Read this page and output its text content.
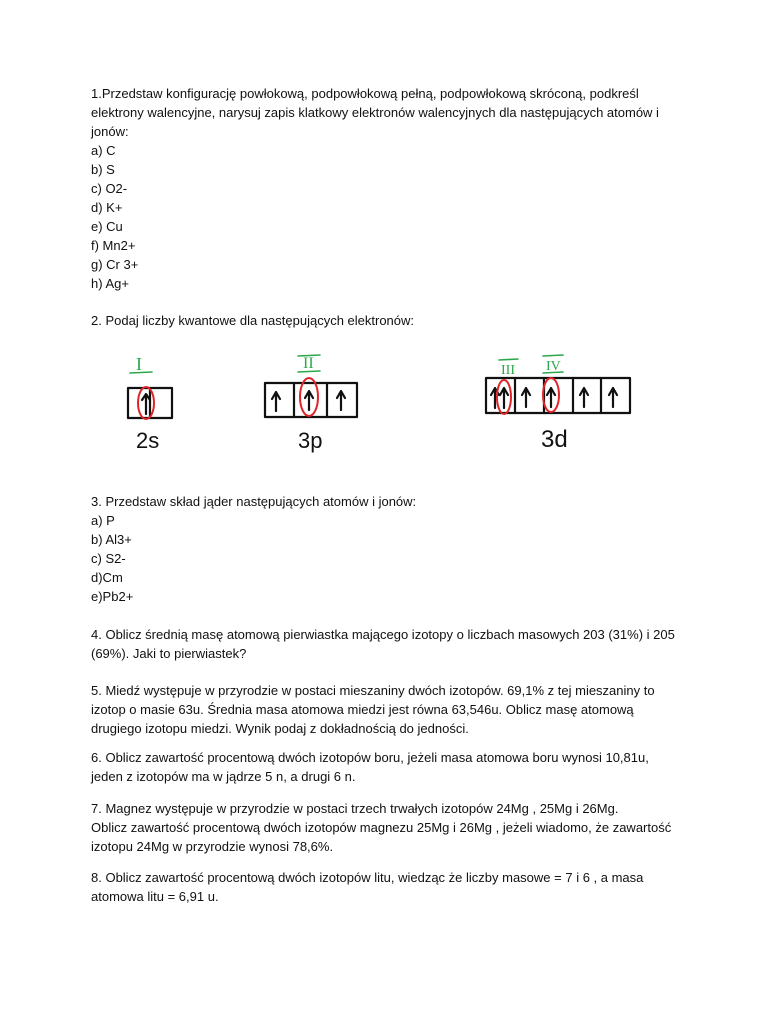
1.Przedstaw konfigurację powłokową, podpowłokową pełną, podpowłokową skróconą, podkreśl
elektrony walencyjne, narysuj zapis klatkowy elektronów walencyjnych dla następujących atomów i
jonów:
a) C
b) S
c) O2-
d) K+
e) Cu
f) Mn2+
g) Cr 3+
h) Ag+
2. Podaj liczby kwantowe dla następujących elektronów:
I
2s
II
3p
III IV
3d
3. Przedstaw skład jąder następujących atomów i jonów:
a) P
b) Al3+
c) S2-
d)Cm
e)Pb2+
4. Oblicz średnią masę atomową pierwiastka mającego izotopy o liczbach masowych 203 (31%) i 205
(69%). Jaki to pierwiastek?
5. Miedź występuje w przyrodzie w postaci mieszaniny dwóch izotopów. 69,1% z tej mieszaniny to
izotop o masie 63u. Średnia masa atomowa miedzi jest równa 63,546u. Oblicz masę atomową
drugiego izotopu miedzi. Wynik podaj z dokładnością do jedności.
6. Oblicz zawartość procentową dwóch izotopów boru, jeżeli masa atomowa boru wynosi 10,81u,
jeden z izotopów ma w jądrze 5 n, a drugi 6 n.
7. Magnez występuje w przyrodzie w postaci trzech trwałych izotopów 24Mg , 25Mg i 26Mg.
Oblicz zawartość procentową dwóch izotopów magnezu 25Mg i 26Mg , jeżeli wiadomo, że zawartość
izotopu 24Mg w przyrodzie wynosi 78,6%.
8. Oblicz zawartość procentową dwóch izotopów litu, wiedząc że liczby masowe = 7 i 6 , a masa
atomowa litu = 6,91 u.
